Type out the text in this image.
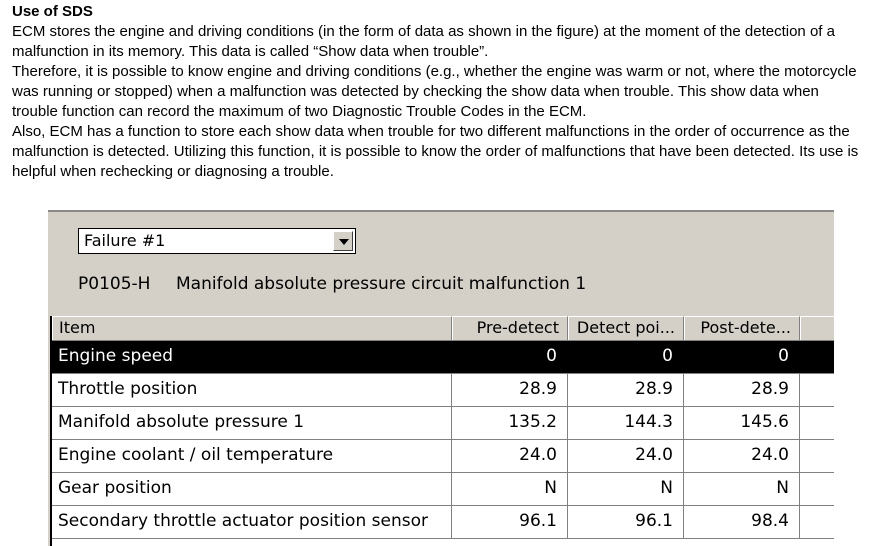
Use of SDS

ECM stores the engine and driving conditions (in the form of data as shown in the figure) at the moment of the detection of a malfunction in its memory. This data is called “Show data when trouble”.

Therefore, it is possible to know engine and driving conditions (e.g., whether the engine was warm or not, where the motorcycle was running or stopped) when a malfunction was detected by checking the show data when trouble. This show data when trouble function can record the maximum of two Diagnostic Trouble Codes in the ECM.

Also, ECM has a function to store each show data when trouble for two different malfunctions in the order of occurrence as the malfunction is detected. Utilizing this function, it is possible to know the order of malfunctions that have been detected. Its use is helpful when rechecking or diagnosing a trouble.

Failure #1
P0105-H Manifold absolute pressure circuit malfunction 1
Item	Pre-detect	Detect poi...	Post-dete...
Engine speed	0	0	0
Throttle position	28.9	28.9	28.9
Manifold absolute pressure 1	135.2	144.3	145.6
Engine coolant / oil temperature	24.0	24.0	24.0
Gear position	N	N	N
Secondary throttle actuator position sensor	96.1	96.1	98.4
